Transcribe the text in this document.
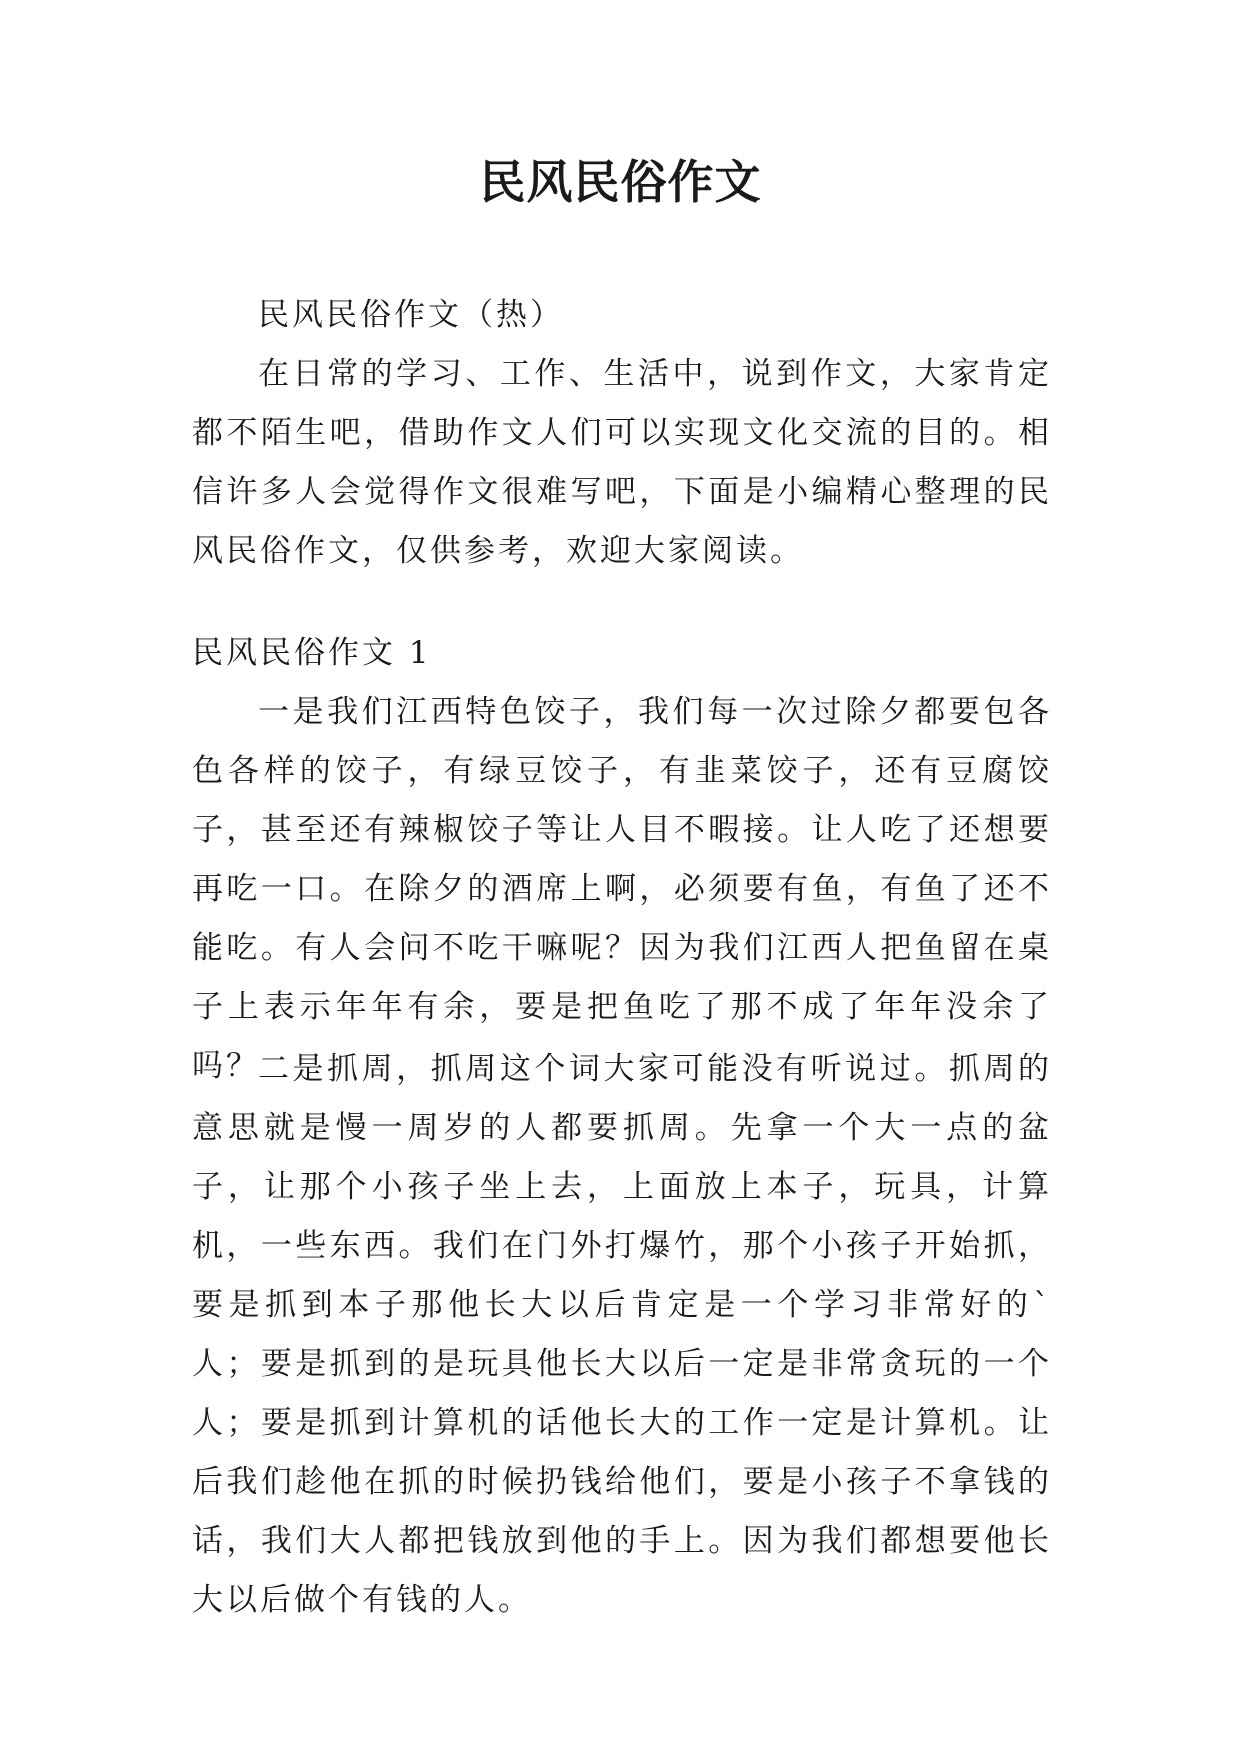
民风民俗作文

民风民俗作文（热）

在日常的学习、工作、生活中，说到作文，大家肯定都不陌生吧，借助作文人们可以实现文化交流的目的。相信许多人会觉得作文很难写吧，下面是小编精心整理的民风民俗作文，仅供参考，欢迎大家阅读。

民风民俗作文 1

一是我们江西特色饺子，我们每一次过除夕都要包各色各样的饺子，有绿豆饺子，有韭菜饺子，还有豆腐饺子，甚至还有辣椒饺子等让人目不暇接。让人吃了还想要再吃一口。在除夕的酒席上啊，必须要有鱼，有鱼了还不能吃。有人会问不吃干嘛呢？因为我们江西人把鱼留在桌子上表示年年有余，要是把鱼吃了那不成了年年没余了吗？

二是抓周，抓周这个词大家可能没有听说过。抓周的意思就是慢一周岁的人都要抓周。先拿一个大一点的盆子，让那个小孩子坐上去，上面放上本子，玩具，计算机，一些东西。我们在门外打爆竹，那个小孩子开始抓，要是抓到本子那他长大以后肯定是一个学习非常好的`人；要是抓到的是玩具他长大以后一定是非常贪玩的一个人；要是抓到计算机的话他长大的工作一定是计算机。让后我们趁他在抓的时候扔钱给他们，要是小孩子不拿钱的话，我们大人都把钱放到他的手上。因为我们都想要他长大以后做个有钱的人。
